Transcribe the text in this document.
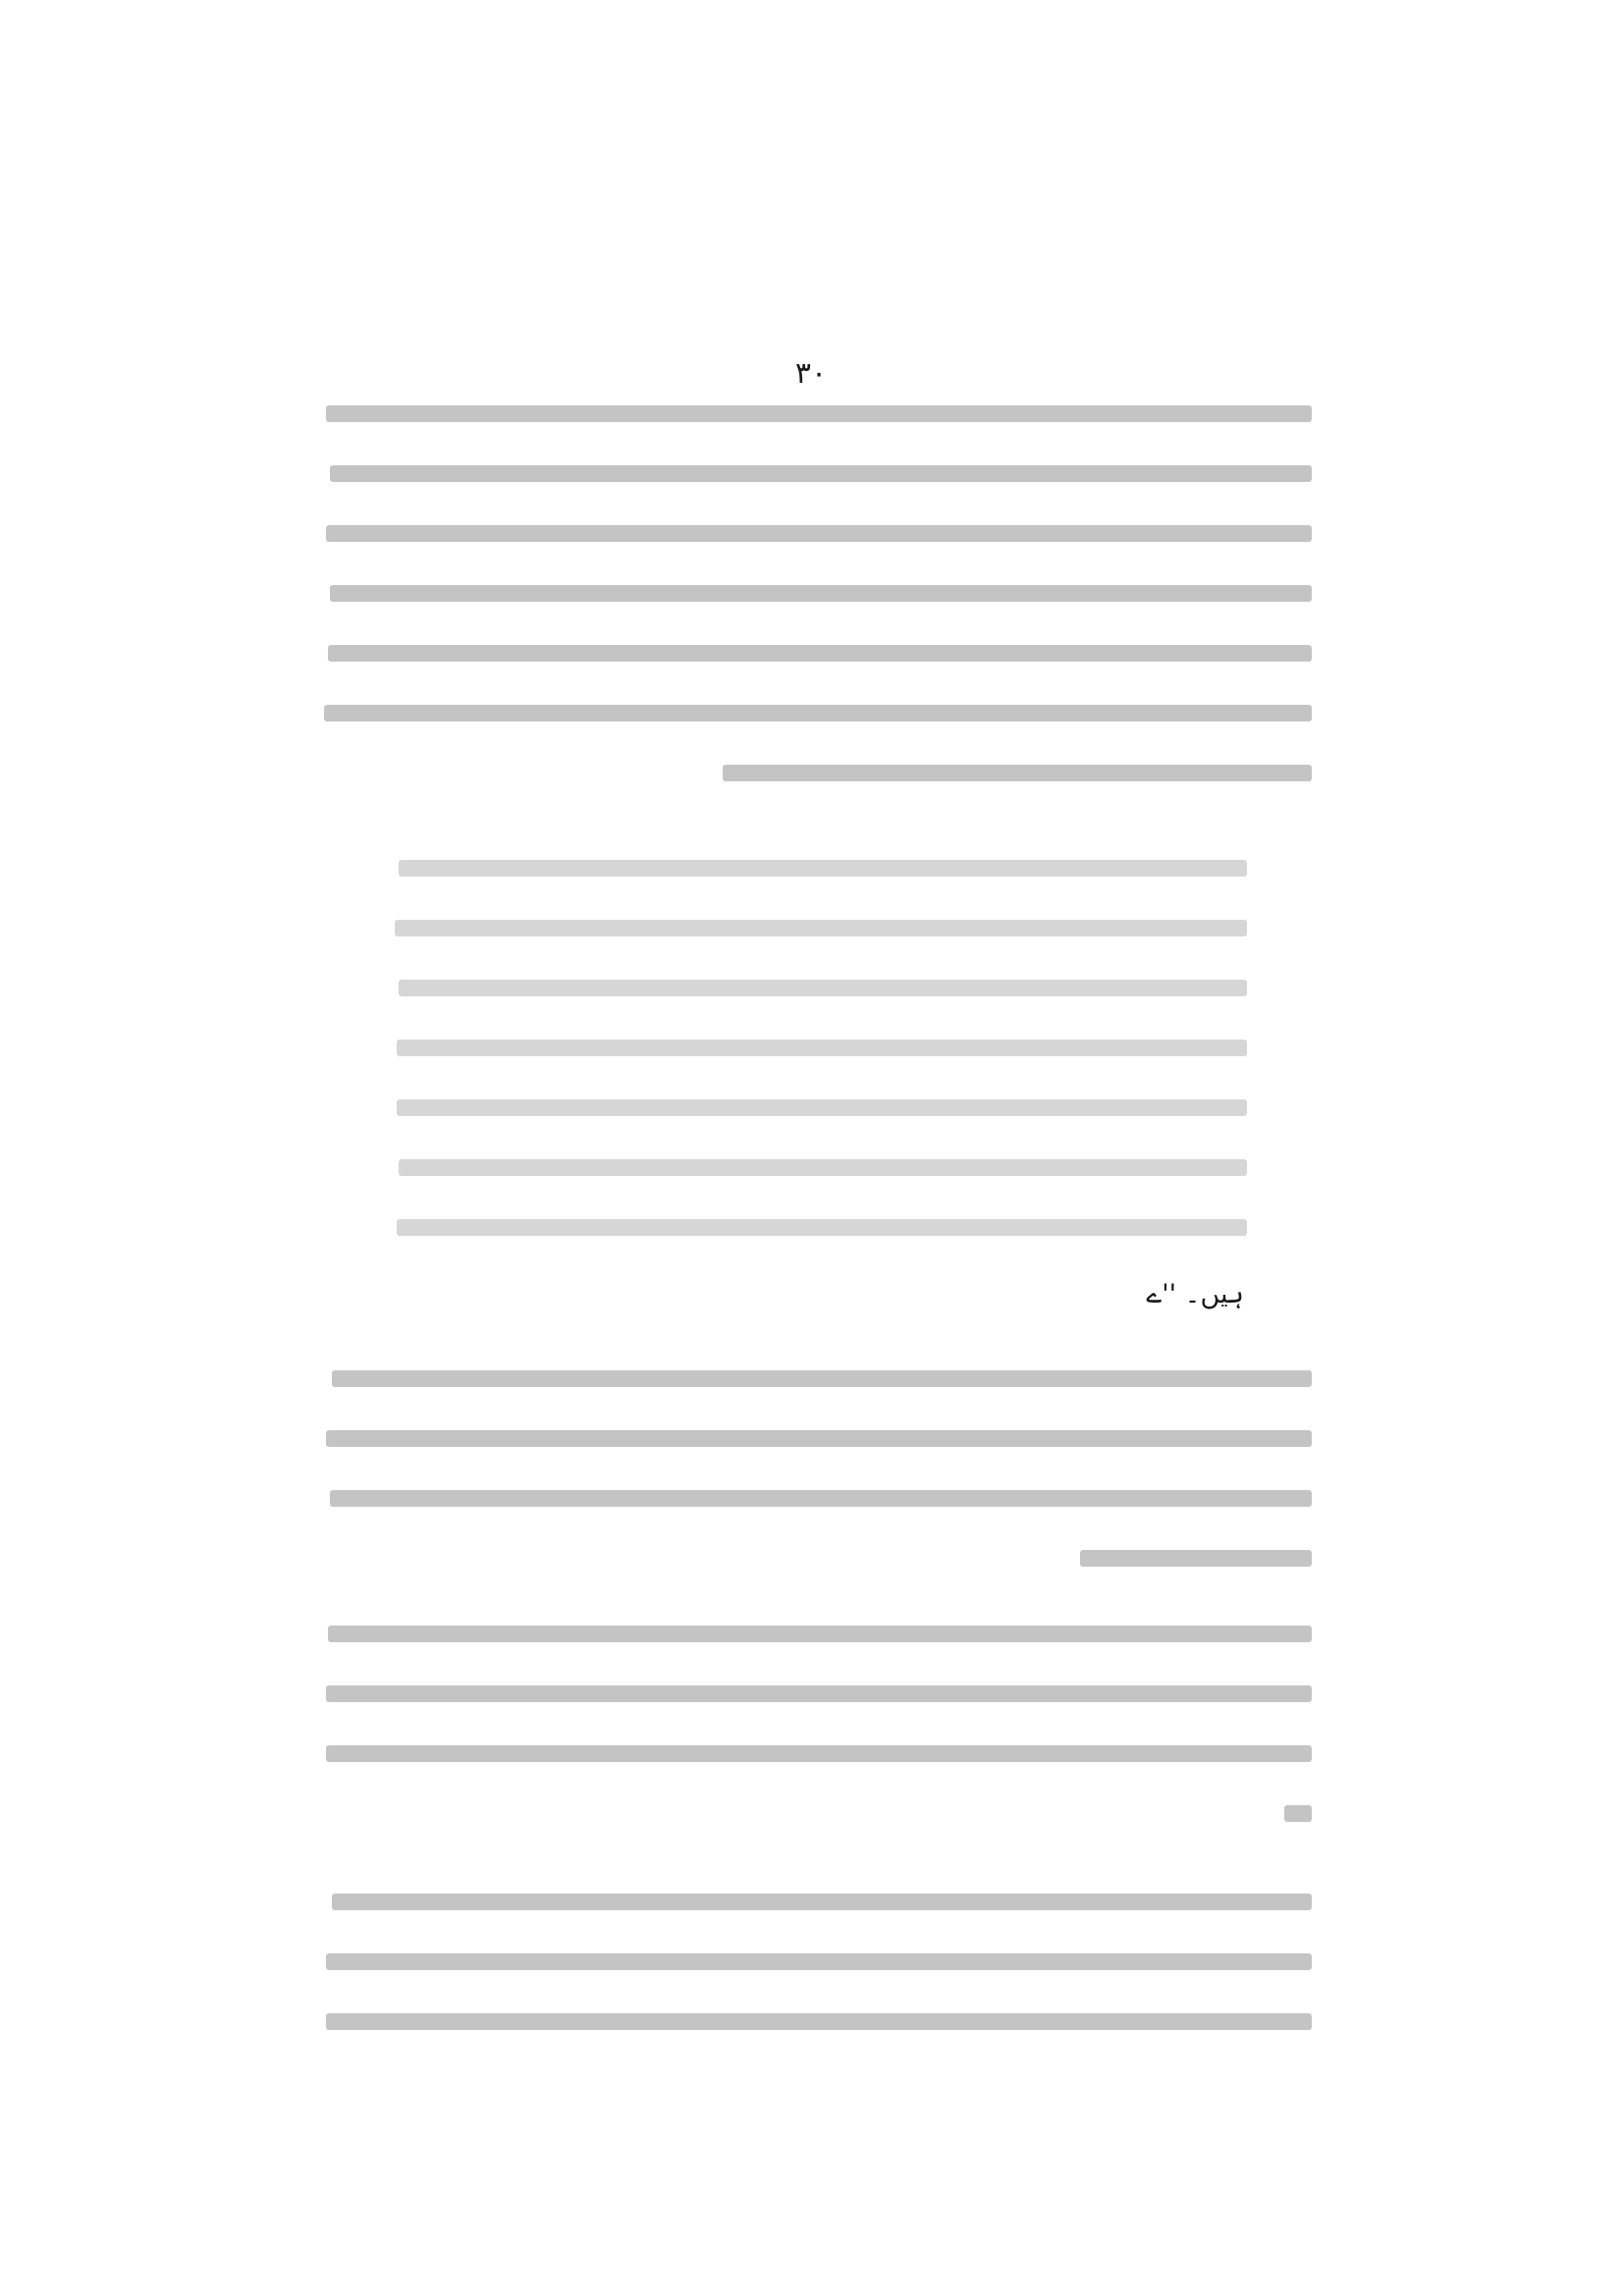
۳۰
ہیں۔ ''ے
